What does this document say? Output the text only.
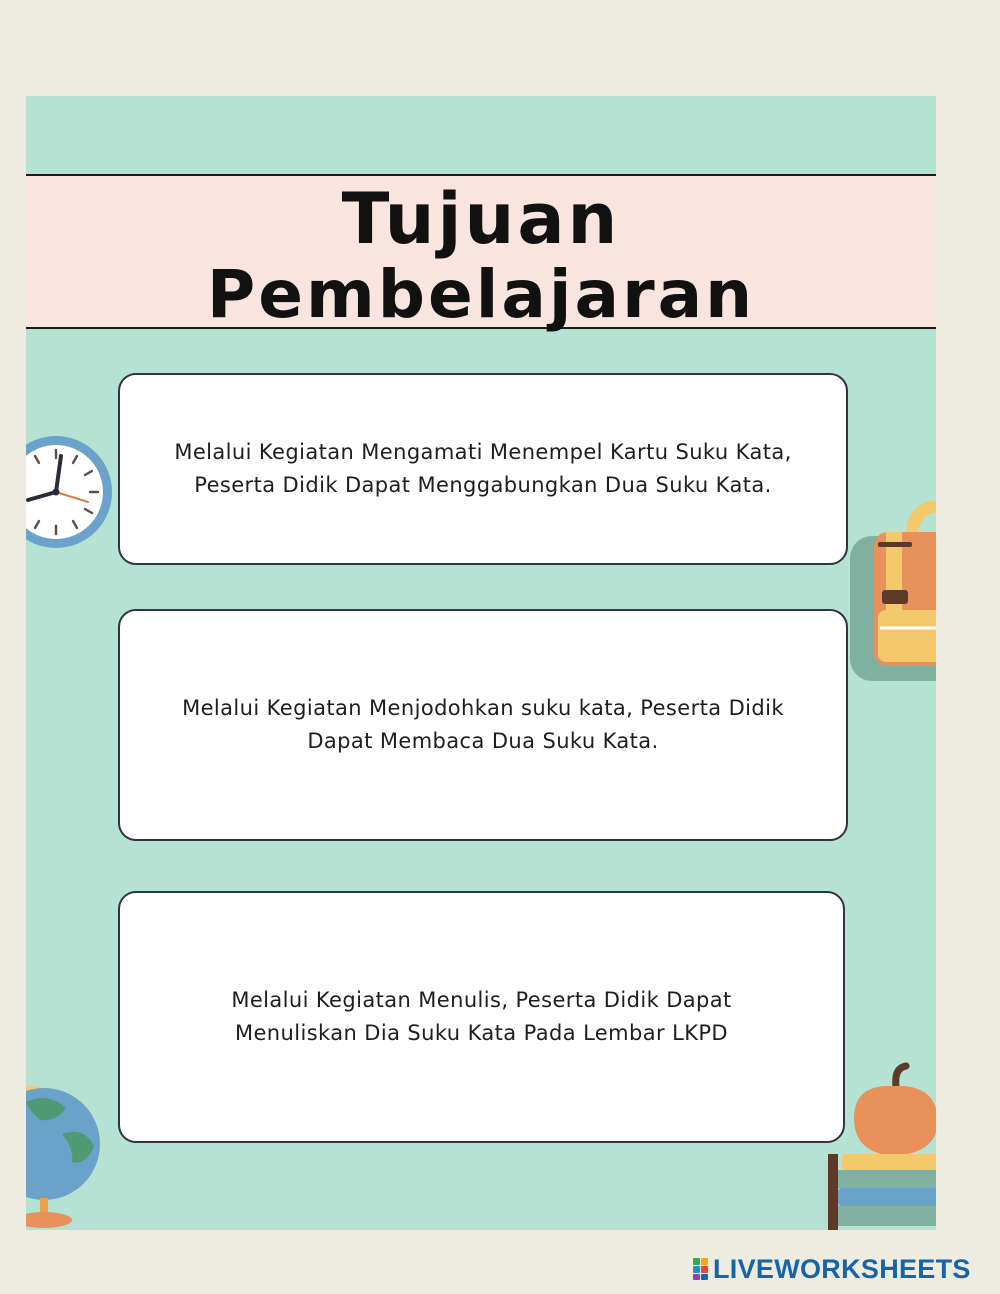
Tujuan
Pembelajaran

Melalui Kegiatan Mengamati Menempel Kartu Suku Kata,
Peserta Didik Dapat Menggabungkan Dua Suku Kata.

Melalui Kegiatan Menjodohkan suku kata, Peserta Didik
Dapat Membaca Dua Suku Kata.

Melalui Kegiatan Menulis, Peserta Didik Dapat
Menuliskan Dia Suku Kata Pada Lembar LKPD

LIVEWORKSHEETS
